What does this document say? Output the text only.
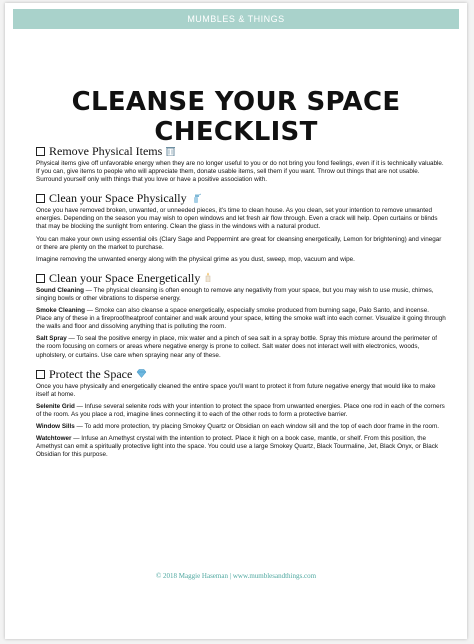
MUMBLES & THINGS
CLEANSE YOUR SPACE CHECKLIST
Remove Physical Items

Physical items give off unfavorable energy when they are no longer useful to you or do not bring you fond feelings, even if it is technically valuable. If you can, give items to people who will appreciate them, donate usable items, sell them if you want. Throw out things that are not usable. Surround yourself only with things that you love or have a positive association with.

Clean your Space Physically

Once you have removed broken, unwanted, or unneeded pieces, it's time to clean house. As you clean, set your intention to remove unwanted energies. Depending on the season you may wish to open windows and let fresh air flow through. Even a crack will help. Open curtains or blinds that may be blocking the sunlight from entering. Clean the glass in the windows with a natural product.

You can make your own using essential oils (Clary Sage and Peppermint are great for cleansing energetically, Lemon for brightening) and vinegar or there are plenty on the market to purchase.

Imagine removing the unwanted energy along with the physical grime as you dust, sweep, mop, vacuum and wipe.

Clean your Space Energetically

Sound Cleaning — The physical cleansing is often enough to remove any negativity from your space, but you may wish to use music, chimes, singing bowls or other vibrations to disperse energy.

Smoke Cleaning — Smoke can also cleanse a space energetically, especially smoke produced from burning sage, Palo Santo, and incense. Place any of these in a fireproof/heatproof container and walk around your space, letting the smoke waft into each corner. Visualize it going through the walls and floor and dissolving anything that is polluting the room.

Salt Spray — To seal the positive energy in place, mix water and a pinch of sea salt in a spray bottle. Spray this mixture around the perimeter of the room focusing on corners or areas where negative energy is prone to collect. Salt water does not interact well with electronics, woods, upholstery, or curtains. Use care when spraying near any of these.

Protect the Space

Once you have physically and energetically cleaned the entire space you'll want to protect it from future negative energy that would like to make itself at home.

Selenite Grid — Infuse several selenite rods with your intention to protect the space from unwanted energies. Place one rod in each of the corners of the room. As you place a rod, imagine lines connecting it to each of the other rods to form a protective barrier.

Window Sills — To add more protection, try placing Smokey Quartz or Obsidian on each window sill and the top of each door frame in the room.

Watchtower — Infuse an Amethyst crystal with the intention to protect. Place it high on a book case, mantle, or shelf. From this position, the Amethyst can emit a spiritually protective light into the space. You could use a large Smokey Quartz, Black Tourmaline, Jet, Black Onyx, or Black Obsidian for this purpose.

© 2018 Maggie Haseman | www.mumblesandthings.com
